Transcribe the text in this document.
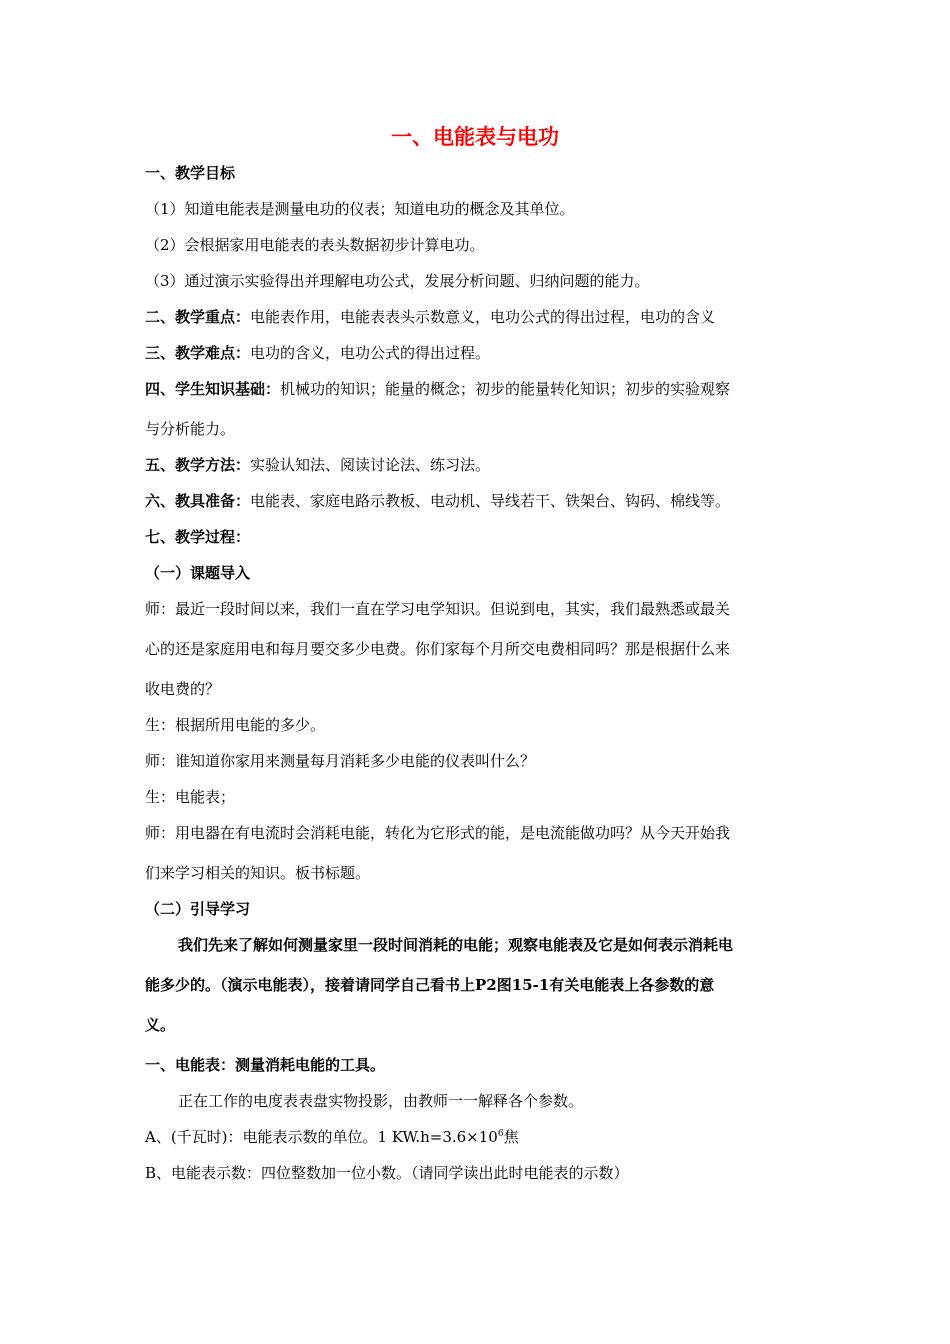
一、电能表与电功
一、教学目标
（1）知道电能表是测量电功的仪表；知道电功的概念及其单位。
（2）会根据家用电能表的表头数据初步计算电功。
（3）通过演示实验得出并理解电功公式，发展分析问题、归纳问题的能力。
二、教学重点：电能表作用，电能表表头示数意义，电功公式的得出过程，电功的含义
三、教学难点：电功的含义，电功公式的得出过程。
四、学生知识基础：机械功的知识；能量的概念；初步的能量转化知识；初步的实验观察
与分析能力。
五、教学方法：实验认知法、阅读讨论法、练习法。
六、教具准备：电能表、家庭电路示教板、电动机、导线若干、铁架台、钩码、棉线等。
七、教学过程：
（一）课题导入
师：最近一段时间以来，我们一直在学习电学知识。但说到电，其实，我们最熟悉或最关
心的还是家庭用电和每月要交多少电费。你们家每个月所交电费相同吗？那是根据什么来
收电费的？
生：根据所用电能的多少。
师：谁知道你家用来测量每月消耗多少电能的仪表叫什么？
生：电能表；
师：用电器在有电流时会消耗电能，转化为它形式的能，是电流能做功吗？从今天开始我
们来学习相关的知识。板书标题。
（二）引导学习
我们先来了解如何测量家里一段时间消耗的电能；观察电能表及它是如何表示消耗电
能多少的。（演示电能表），接着请同学自己看书上P2图15-1有关电能表上各参数的意
义。
一、电能表：测量消耗电能的工具。
正在工作的电度表表盘实物投影，由教师一一解释各个参数。
A、(千瓦时)：电能表示数的单位。1 $KW.h=3.6\times 10^6$焦
B、电能表示数：四位整数加一位小数。（请同学读出此时电能表的示数）
